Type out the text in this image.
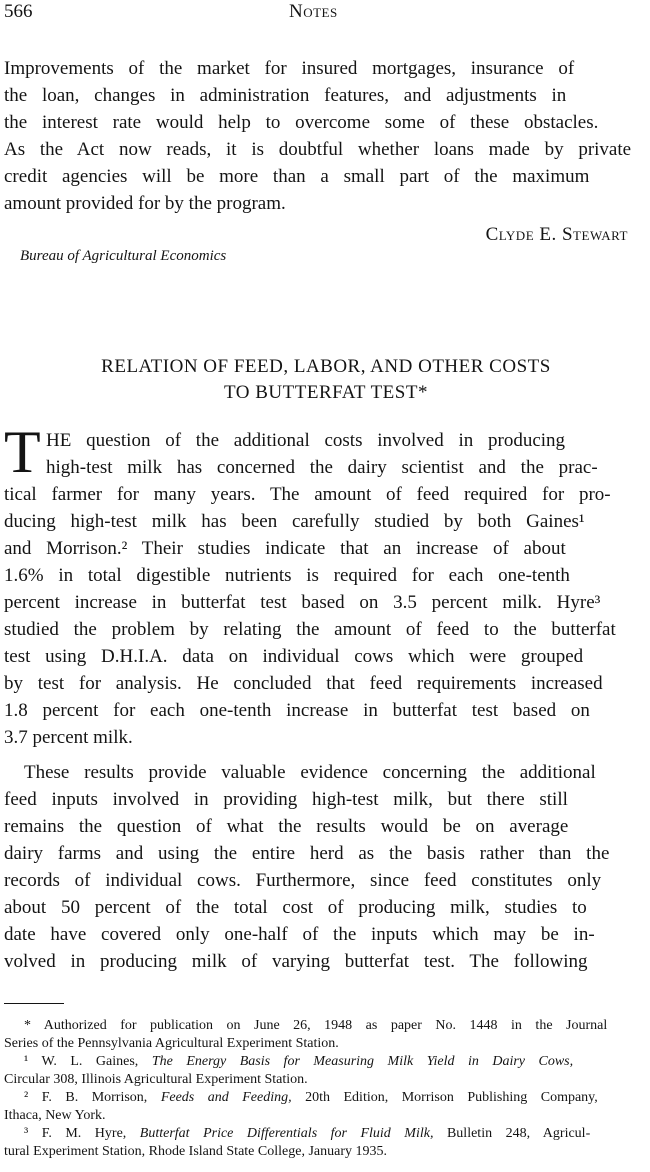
566	Notes
Improvements of the market for insured mortgages, insurance of
the loan, changes in administration features, and adjustments in
the interest rate would help to overcome some of these obstacles.
As the Act now reads, it is doubtful whether loans made by private
credit agencies will be more than a small part of the maximum
amount provided for by the program.
Clyde E. Stewart
Bureau of Agricultural Economics
RELATION OF FEED, LABOR, AND OTHER COSTS
TO BUTTERFAT TEST*
T HE question of the additional costs involved in producing
high-test milk has concerned the dairy scientist and the prac-
tical farmer for many years. The amount of feed required for pro-
ducing high-test milk has been carefully studied by both Gaines¹
and Morrison.² Their studies indicate that an increase of about
1.6% in total digestible nutrients is required for each one-tenth
percent increase in butterfat test based on 3.5 percent milk. Hyre³
studied the problem by relating the amount of feed to the butterfat
test using D.H.I.A. data on individual cows which were grouped
by test for analysis. He concluded that feed requirements increased
1.8 percent for each one-tenth increase in butterfat test based on
3.7 percent milk.
These results provide valuable evidence concerning the additional
feed inputs involved in providing high-test milk, but there still
remains the question of what the results would be on average
dairy farms and using the entire herd as the basis rather than the
records of individual cows. Furthermore, since feed constitutes only
about 50 percent of the total cost of producing milk, studies to
date have covered only one-half of the inputs which may be in-
volved in producing milk of varying butterfat test. The following
* Authorized for publication on June 26, 1948 as paper No. 1448 in the Journal
Series of the Pennsylvania Agricultural Experiment Station.
¹ W. L. Gaines, The Energy Basis for Measuring Milk Yield in Dairy Cows,
Circular 308, Illinois Agricultural Experiment Station.
² F. B. Morrison, Feeds and Feeding, 20th Edition, Morrison Publishing Company,
Ithaca, New York.
³ F. M. Hyre, Butterfat Price Differentials for Fluid Milk, Bulletin 248, Agricul-
tural Experiment Station, Rhode Island State College, January 1935.
